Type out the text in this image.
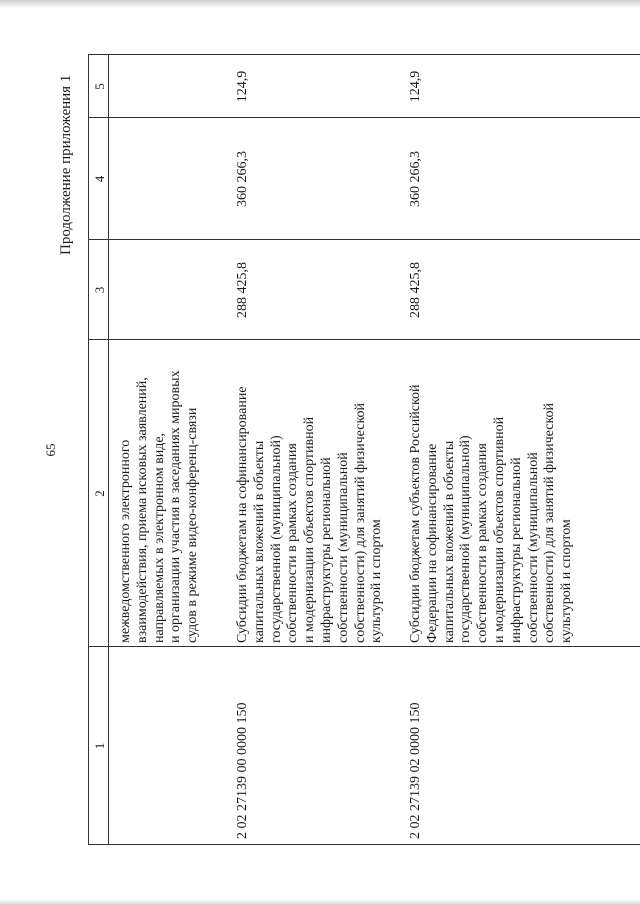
65
Продолжение приложения 1
1
2
3
4
5
межведомственного электронного взаимодействия, приема исковых заявлений, направляемых в электронном виде, и организации участия в заседаниях мировых судов в режиме видео-конференц-связи
2 02 27139 00 0000 150
Субсидии бюджетам на софинансирование капитальных вложений в объекты государственной (муниципальной) собственности в рамках создания и модернизации объектов спортивной инфраструктуры региональной собственности (муниципальной собственности) для занятий физической культурой и спортом
288 425,8
360 266,3
124,9
2 02 27139 02 0000 150
Субсидии бюджетам субъектов Российской Федерации на софинансирование капитальных вложений в объекты государственной (муниципальной) собственности в рамках создания и модернизации объектов спортивной инфраструктуры региональной собственности (муниципальной собственности) для занятий физической культурой и спортом
288 425,8
360 266,3
124,9
